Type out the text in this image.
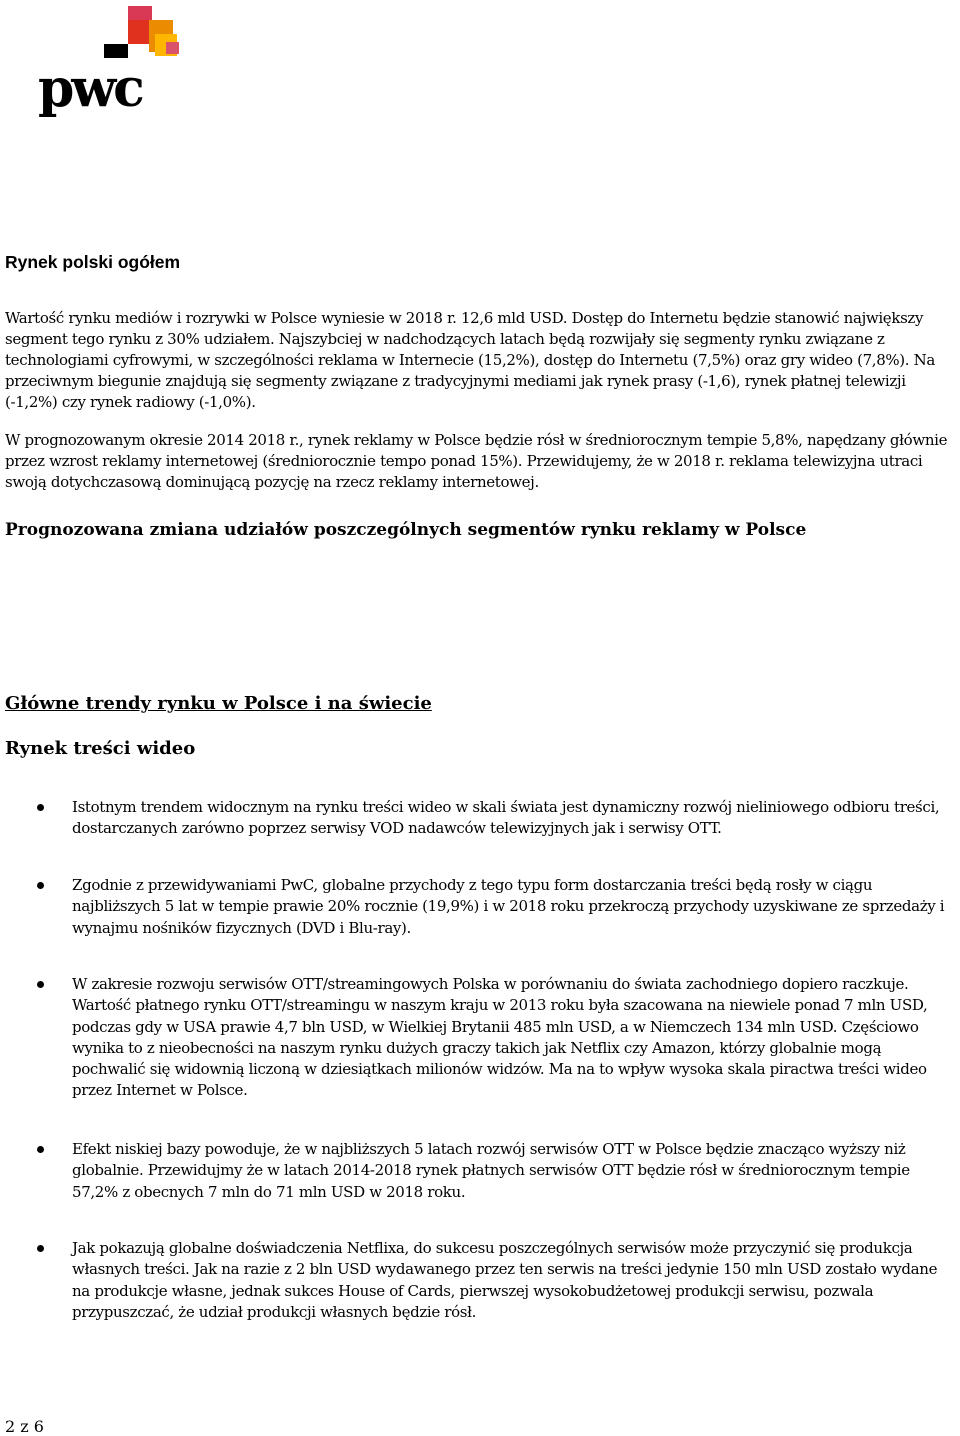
pwc
Rynek polski ogółem

Wartość rynku mediów i rozrywki w Polsce wyniesie w 2018 r. 12,6 mld USD. Dostęp do Internetu będzie stanowić największy segment tego rynku z 30% udziałem. Najszybciej w nadchodzących latach będą rozwijały się segmenty rynku związane z technologiami cyfrowymi, w szczególności reklama w Internecie (15,2%), dostęp do Internetu (7,5%) oraz gry wideo (7,8%). Na przeciwnym biegunie znajdują się segmenty związane z tradycyjnymi mediami jak rynek prasy (-1,6), rynek płatnej telewizji (-1,2%) czy rynek radiowy (-1,0%).

W prognozowanym okresie 2014 2018 r., rynek reklamy w Polsce będzie rósł w średniorocznym tempie 5,8%, napędzany głównie przez wzrost reklamy internetowej (średniorocznie tempo ponad 15%). Przewidujemy, że w 2018 r. reklama telewizyjna utraci swoją dotychczasową dominującą pozycję na rzecz reklamy internetowej.

Prognozowana zmiana udziałów poszczególnych segmentów rynku reklamy w Polsce
Główne trendy rynku w Polsce i na świecie
Rynek treści wideo
Istotnym trendem widocznym na rynku treści wideo w skali świata jest dynamiczny rozwój nieliniowego odbioru treści, dostarczanych zarówno poprzez serwisy VOD nadawców telewizyjnych jak i serwisy OTT.
Zgodnie z przewidywaniami PwC, globalne przychody z tego typu form dostarczania treści będą rosły w ciągu najbliższych 5 lat w tempie prawie 20% rocznie (19,9%) i w 2018 roku przekroczą przychody uzyskiwane ze sprzedaży i wynajmu nośników fizycznych (DVD i Blu-ray).
W zakresie rozwoju serwisów OTT/streamingowych Polska w porównaniu do świata zachodniego dopiero raczkuje. Wartość płatnego rynku OTT/streamingu w naszym kraju w 2013 roku była szacowana na niewiele ponad 7 mln USD, podczas gdy w USA prawie 4,7 bln USD, w Wielkiej Brytanii 485 mln USD, a w Niemczech 134 mln USD. Częściowo wynika to z nieobecności na naszym rynku dużych graczy takich jak Netflix czy Amazon, którzy globalnie mogą pochwalić się widownią liczoną w dziesiątkach milionów widzów. Ma na to wpływ wysoka skala piractwa treści wideo przez Internet w Polsce.
Efekt niskiej bazy powoduje, że w najbliższych 5 latach rozwój serwisów OTT w Polsce będzie znacząco wyższy niż globalnie. Przewidujmy że w latach 2014-2018 rynek płatnych serwisów OTT będzie rósł w średniorocznym tempie 57,2% z obecnych 7 mln do 71 mln USD w 2018 roku.
Jak pokazują globalne doświadczenia Netflixa, do sukcesu poszczególnych serwisów może przyczynić się produkcja własnych treści. Jak na razie z 2 bln USD wydawanego przez ten serwis na treści jedynie 150 mln USD zostało wydane na produkcje własne, jednak sukces House of Cards, pierwszej wysokobudżetowej produkcji serwisu, pozwala przypuszczać, że udział produkcji własnych będzie rósł.
2 z 6
